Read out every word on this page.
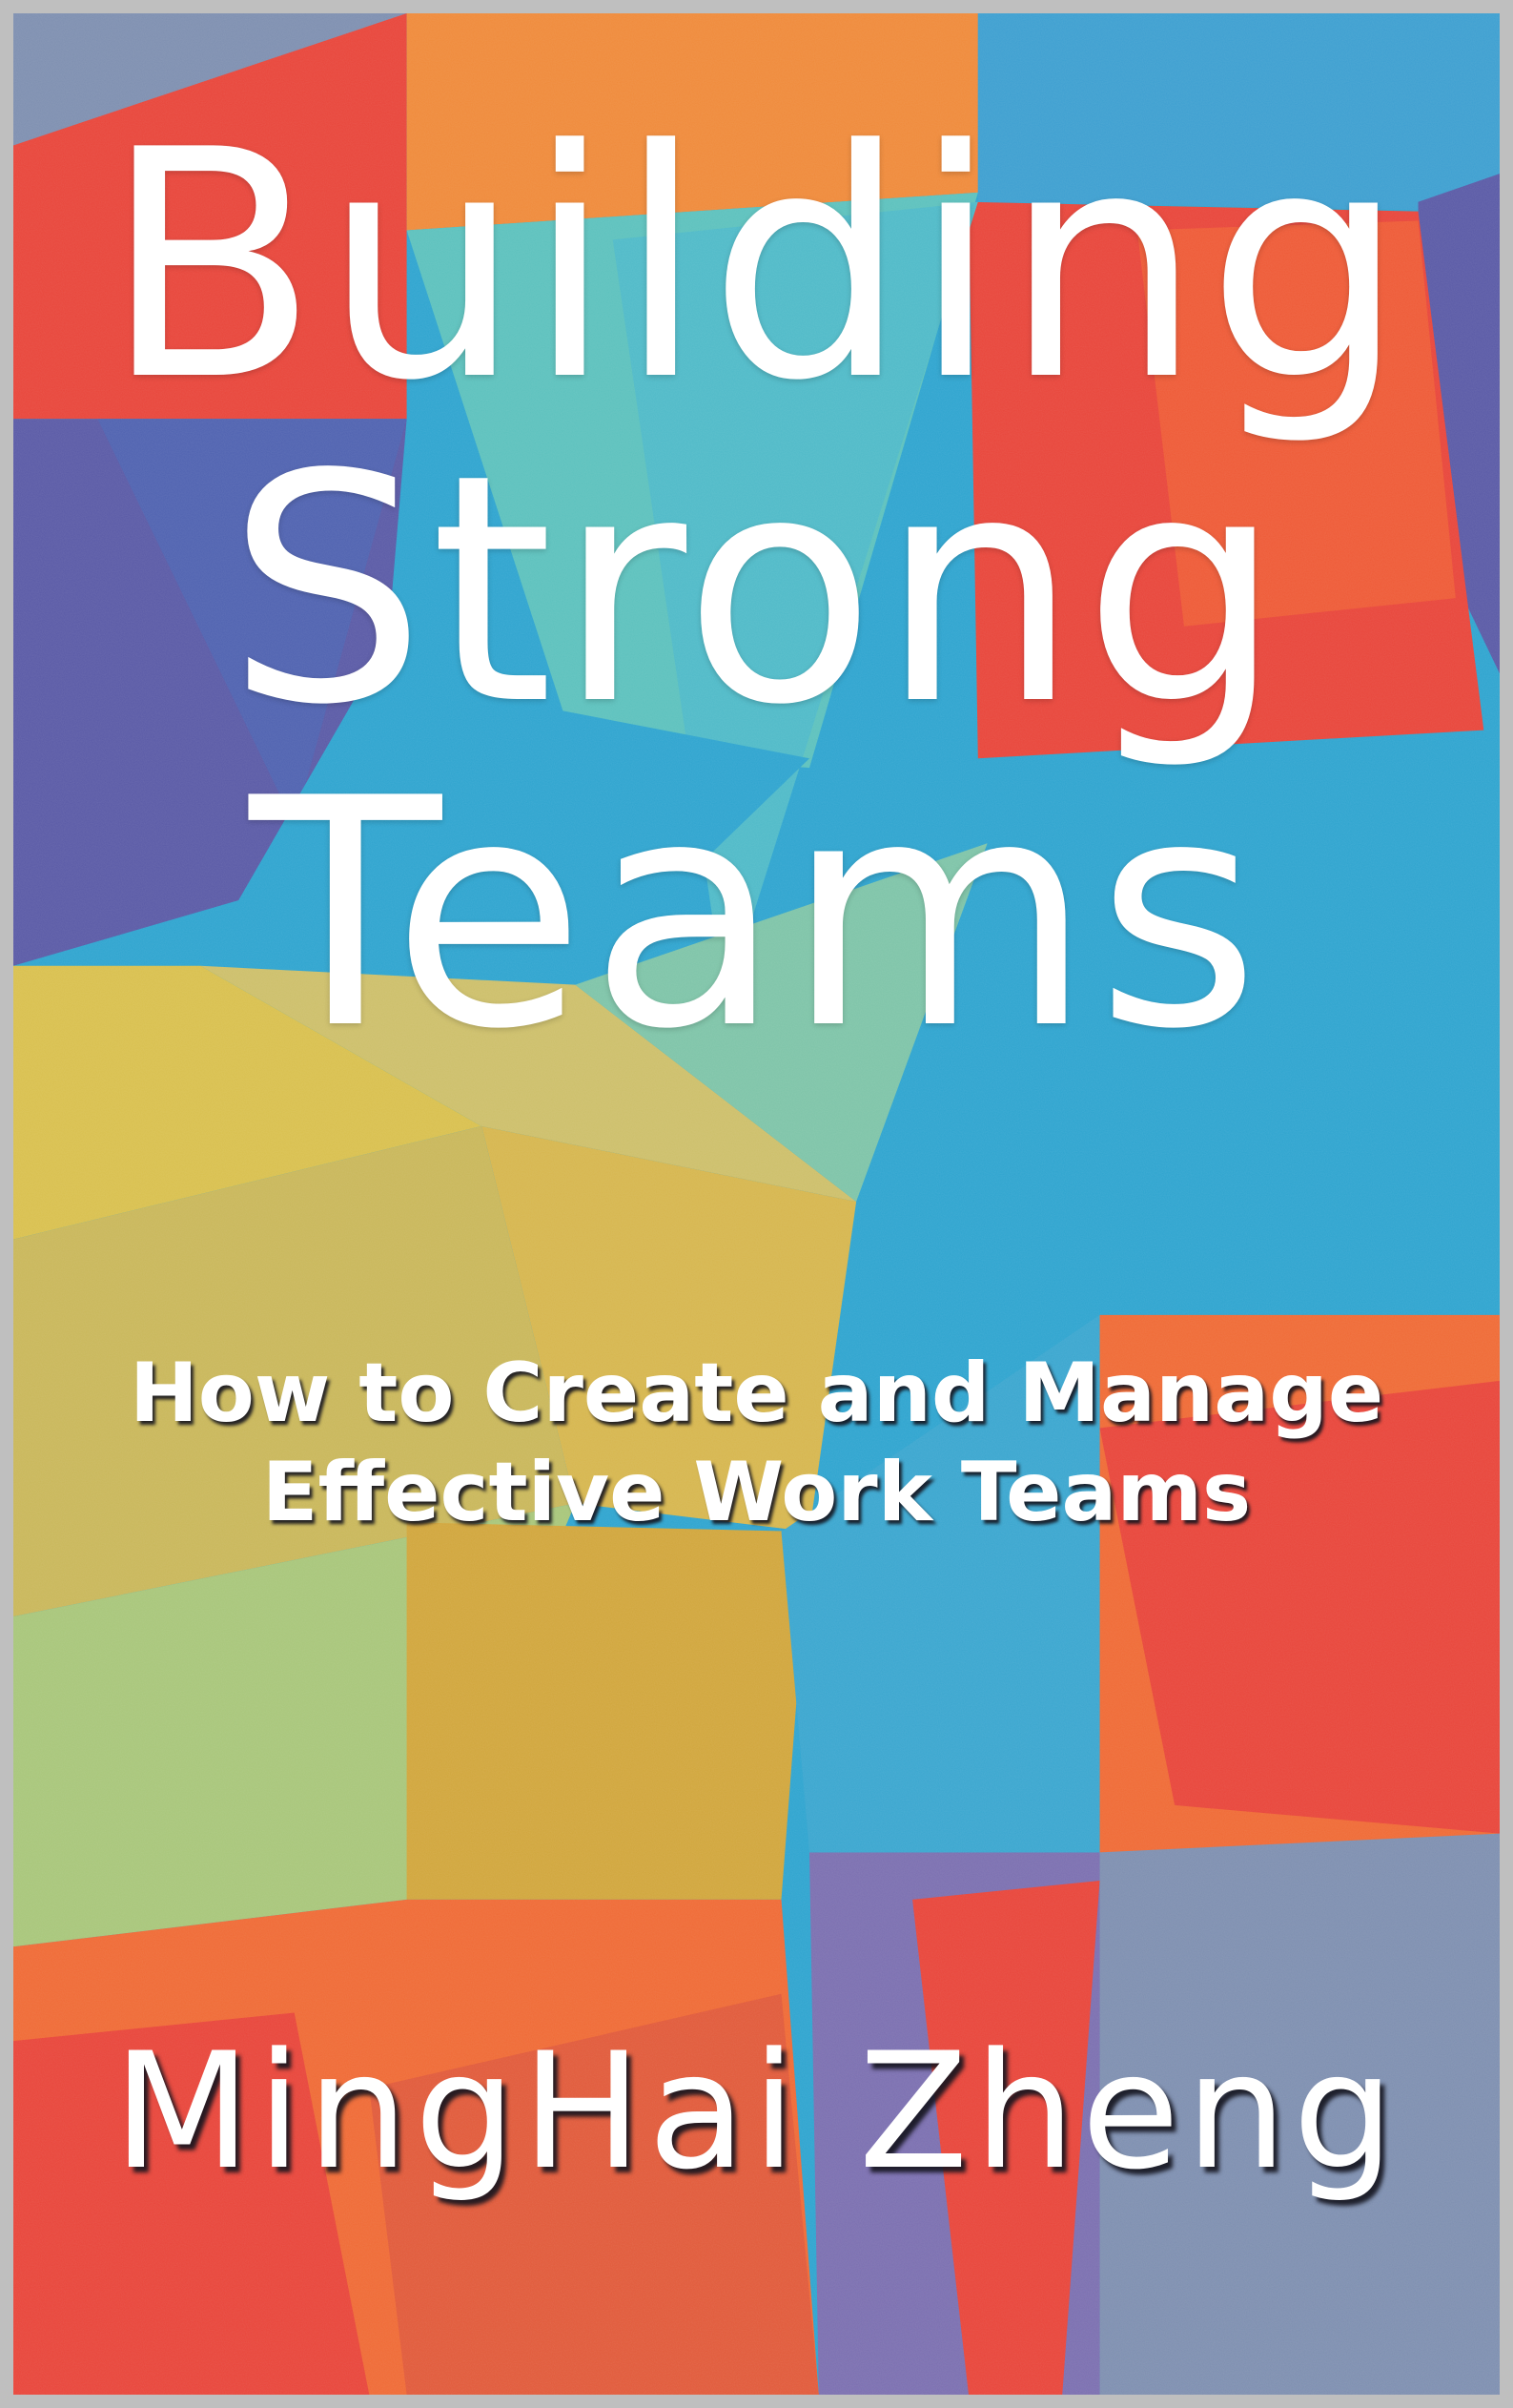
Building
Strong
Teams
How to Create and Manage
Effective Work Teams
MingHai Zheng
